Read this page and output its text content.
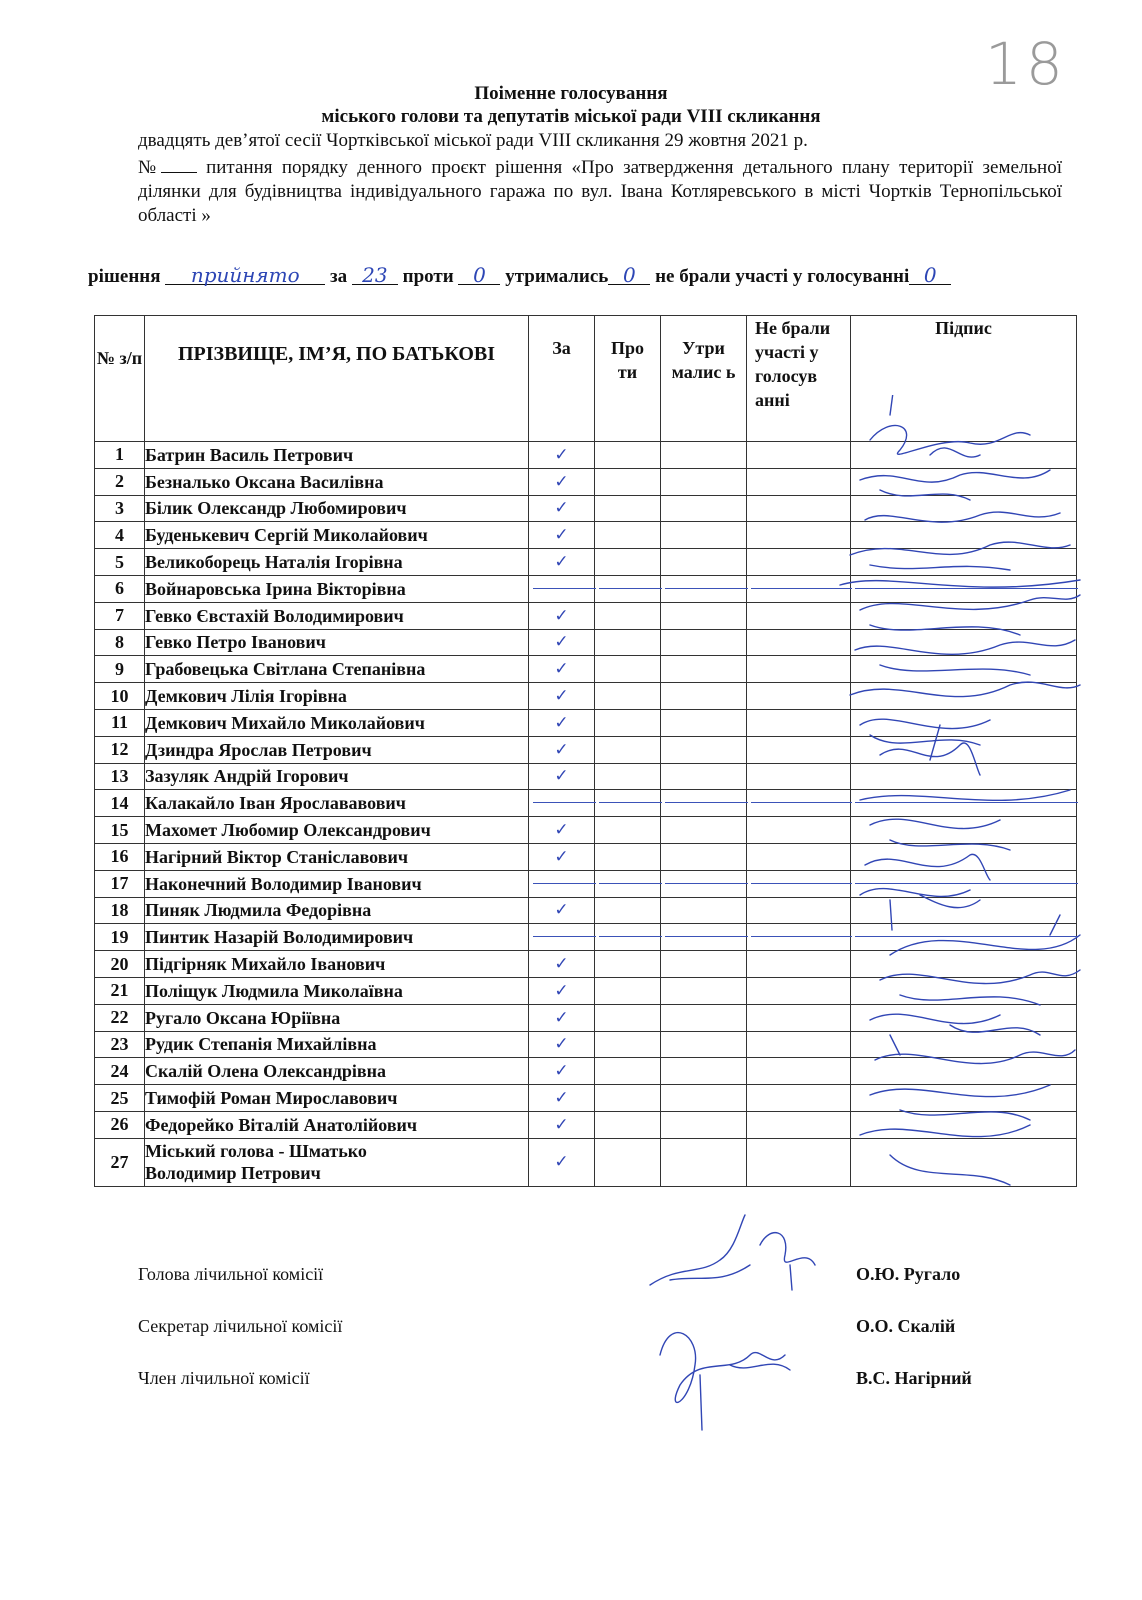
18
Поіменне голосування
міського голови та депутатів міської ради VIII скликання
двадцять дев’ятої сесії Чортківської міської ради VIII скликання 29 жовтня 2021 р.
№ питання порядку денного проєкт рішення «Про затвердження детального плану території земельної ділянки для будівництва індивідуального гаража по вул. Івана Котляревського в місті Чортків Тернопільської області »
рішення прийнято за 23 проти 0 утримались 0 не брали участі у голосуванні 0
№ з/п	ПРІЗВИЩЕ, ІМ’Я, ПО БАТЬКОВІ	За	Про ти	Утри малис ь	Не брали участі у голосув анні	Підпис
1	Батрин Василь Петрович	✓				
2	Безналько Оксана Василівна	✓				
3	Білик Олександр Любомирович	✓				
4	Буденькевич Сергій Миколайович	✓				
5	Великоборець Наталія Ігорівна	✓				
6	Войнаровська Ірина Вікторівна	

7	Гевко Євстахій Володимирович	✓				
8	Гевко Петро Іванович	✓				
9	Грабовецька Світлана Степанівна	✓				
10	Демкович Лілія Ігорівна	✓				
11	Демкович Михайло Миколайович	✓				
12	Дзиндра Ярослав Петрович	✓				
13	Зазуляк Андрій Ігорович	✓				
14	Калакайло Іван Ярослававович	

15	Махомет Любомир Олександрович	✓				
16	Нагірний Віктор Станіславович	✓				
17	Наконечний Володимир Іванович	

18	Пиняк Людмила Федорівна	✓				
19	Пинтик Назарій Володимирович	

20	Підгірняк Михайло Іванович	✓				
21	Поліщук Людмила Миколаївна	✓				
22	Ругало Оксана Юріївна	✓				
23	Рудик Степанія Михайлівна	✓				
24	Скалій Олена Олександрівна	✓				
25	Тимофій Роман Мирославович	✓				
26	Федорейко Віталій Анатолійович	✓				
27	Міський голова - Шматько Володимир Петрович	✓				
Голова лічильної комісії	О.Ю. Ругало
Секретар лічильної комісії	О.О. Скалій
Член лічильної комісії	В.С. Нагірний
